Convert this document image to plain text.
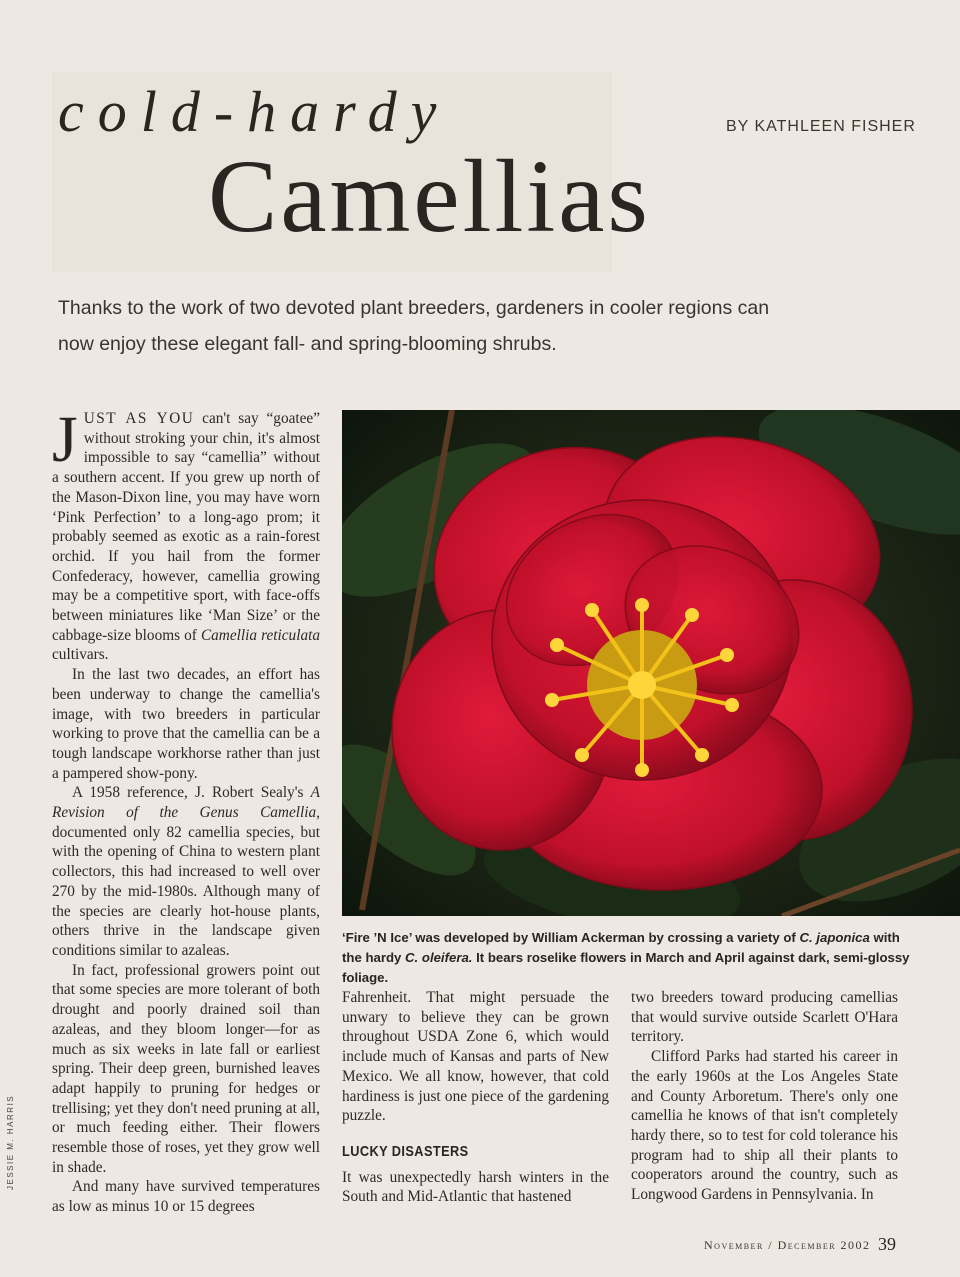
cold-hardy	BY KATHLEEN FISHER
Camellias
Thanks to the work of two devoted plant breeders, gardeners in cooler regions can now enjoy these elegant fall- and spring-blooming shrubs.

JUST AS YOU can't say “goatee” without stroking your chin, it's almost impossible to say “camellia” without a southern accent. If you grew up north of the Mason-Dixon line, you may have worn ‘Pink Perfection’ to a long-ago prom; it probably seemed as exotic as a rain-forest orchid. If you hail from the former Confederacy, however, camellia growing may be a competitive sport, with face-offs between miniatures like ‘Man Size’ or the cabbage-size blooms of Camellia reticulata cultivars.

In the last two decades, an effort has been underway to change the camellia's image, with two breeders in particular working to prove that the camellia can be a tough landscape workhorse rather than just a pampered show-pony.

A 1958 reference, J. Robert Sealy's A Revision of the Genus Camellia, documented only 82 camellia species, but with the opening of China to western plant collectors, this had increased to well over 270 by the mid-1980s. Although many of the species are clearly hot-house plants, others thrive in the landscape given conditions similar to azaleas.

In fact, professional growers point out that some species are more tolerant of both drought and poorly drained soil than azaleas, and they bloom longer—for as much as six weeks in late fall or earliest spring. Their deep green, burnished leaves adapt happily to pruning for hedges or trellising; yet they don't need pruning at all, or much feeding either. Their flowers resemble those of roses, yet they grow well in shade.

And many have survived temperatures as low as minus 10 or 15 degrees

‘Fire ’N Ice’ was developed by William Ackerman by crossing a variety of C. japonica with the hardy C. oleifera. It bears roselike flowers in March and April against dark, semi-glossy foliage.

Fahrenheit. That might persuade the unwary to believe they can be grown throughout USDA Zone 6, which would include much of Kansas and parts of New Mexico. We all know, however, that cold hardiness is just one piece of the gardening puzzle.

LUCKY DISASTERS

It was unexpectedly harsh winters in the South and Mid-Atlantic that hastened

two breeders toward producing camellias that would survive outside Scarlett O'Hara territory.

Clifford Parks had started his career in the early 1960s at the Los Angeles State and County Arboretum. There's only one camellia he knows of that isn't completely hardy there, so to test for cold tolerance his program had to ship all their plants to cooperators around the country, such as Longwood Gardens in Pennsylvania. In

JESSIE M. HARRIS
November / December 2002 39
